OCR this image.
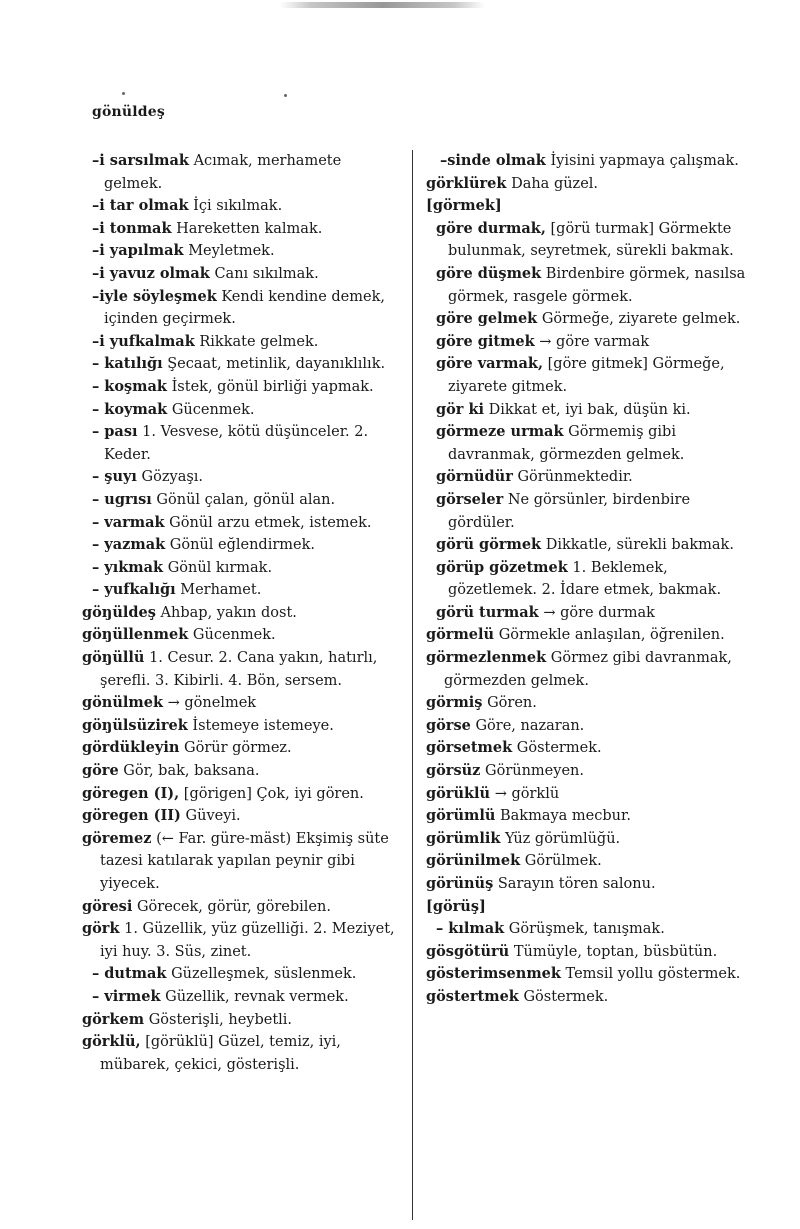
gönüldeş

–i sarsılmak Acımak, merhamete gelmek.

–i tar olmak İçi sıkılmak.

–i tonmak Hareketten kalmak.

–i yapılmak Meyletmek.

–i yavuz olmak Canı sıkılmak.

–iyle söyleşmek Kendi kendine demek, içinden geçirmek.

–i yufkalmak Rikkate gelmek.

– katılığı Şecaat, metinlik, dayanıklılık.

– koşmak İstek, gönül birliği yapmak.

– koymak Gücenmek.

– pası 1. Vesvese, kötü düşünceler. 2. Keder.

– şuyı Gözyaşı.

– ugrısı Gönül çalan, gönül alan.

– varmak Gönül arzu etmek, istemek.

– yazmak Gönül eğlendirmek.

– yıkmak Gönül kırmak.

– yufkalığı Merhamet.

göŋüldeş Ahbap, yakın dost.

göŋüllenmek Gücenmek.

göŋüllü 1. Cesur. 2. Cana yakın, hatırlı, şerefli. 3. Kibirli. 4. Bön, sersem.

gönülmek → gönelmek

göŋülsüzirek İstemeye istemeye.

gördükleyin Görür görmez.

göre Gör, bak, baksana.

göregen (I), [görigen] Çok, iyi gören.

göregen (II) Güveyi.

göremez (← Far. güre-mäst) Ekşimiş süte tazesi katılarak yapılan peynir gibi yiyecek.

göresi Görecek, görür, görebilen.

görk 1. Güzellik, yüz güzelliği. 2. Meziyet, iyi huy. 3. Süs, zinet.

– dutmak Güzelleşmek, süslenmek.

– virmek Güzellik, revnak vermek.

görkem Gösterişli, heybetli.

görklü, [görüklü] Güzel, temiz, iyi, mübarek, çekici, gösterişli.

–sinde olmak İyisini yapmaya çalışmak.

görklürek Daha güzel.

[görmek]

göre durmak, [görü turmak] Görmekte bulunmak, seyretmek, sürekli bakmak.

göre düşmek Birdenbire görmek, nasılsa görmek, rasgele görmek.

göre gelmek Görmeğe, ziyarete gelmek.

göre gitmek → göre varmak

göre varmak, [göre gitmek] Görmeğe, ziyarete gitmek.

gör ki Dikkat et, iyi bak, düşün ki.

görmeze urmak Görmemiş gibi davranmak, görmezden gelmek.

görnüdür Görünmektedir.

görseler Ne görsünler, birdenbire gördüler.

görü görmek Dikkatle, sürekli bakmak.

görüp gözetmek 1. Beklemek, gözetlemek. 2. İdare etmek, bakmak.

görü turmak → göre durmak

görmelü Görmekle anlaşılan, öğrenilen.

görmezlenmek Görmez gibi davranmak, görmezden gelmek.

görmiş Gören.

görse Göre, nazaran.

görsetmek Göstermek.

görsüz Görünmeyen.

görüklü → görklü

görümlü Bakmaya mecbur.

görümlik Yüz görümlüğü.

görünilmek Görülmek.

görünüş Sarayın tören salonu.

[görüş]

– kılmak Görüşmek, tanışmak.

gösgötürü Tümüyle, toptan, büsbütün.

gösterimsenmek Temsil yollu göstermek.

göstertmek Göstermek.
